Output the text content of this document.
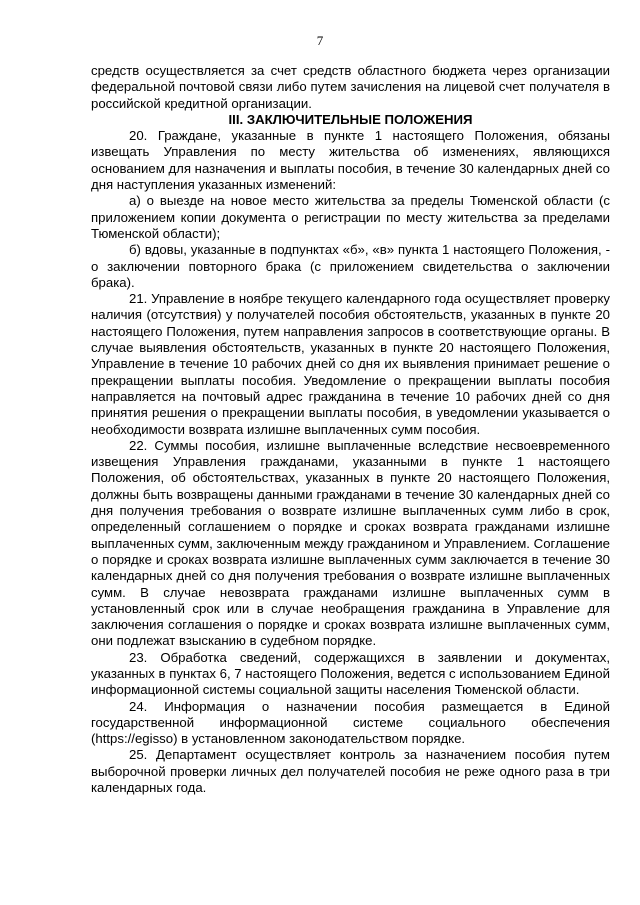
7

средств осуществляется за счет средств областного бюджета через организации федеральной почтовой связи либо путем зачисления на лицевой счет получателя в российской кредитной организации.

III. ЗАКЛЮЧИТЕЛЬНЫЕ ПОЛОЖЕНИЯ

20. Граждане, указанные в пункте 1 настоящего Положения, обязаны извещать Управления по месту жительства об изменениях, являющихся основанием для назначения и выплаты пособия, в течение 30 календарных дней со дня наступления указанных изменений:

а) о выезде на новое место жительства за пределы Тюменской области (с приложением копии документа о регистрации по месту жительства за пределами Тюменской области);

б) вдовы, указанные в подпунктах «б», «в» пункта 1 настоящего Положения, - о заключении повторного брака (с приложением свидетельства о заключении брака).

21. Управление в ноябре текущего календарного года осуществляет проверку наличия (отсутствия) у получателей пособия обстоятельств, указанных в пункте 20 настоящего Положения, путем направления запросов в соответствующие органы. В случае выявления обстоятельств, указанных в пункте 20 настоящего Положения, Управление в течение 10 рабочих дней со дня их выявления принимает решение о прекращении выплаты пособия. Уведомление о прекращении выплаты пособия направляется на почтовый адрес гражданина в течение 10 рабочих дней со дня принятия решения о прекращении выплаты пособия, в уведомлении указывается о необходимости возврата излишне выплаченных сумм пособия.

22. Суммы пособия, излишне выплаченные вследствие несвоевременного извещения Управления гражданами, указанными в пункте 1 настоящего Положения, об обстоятельствах, указанных в пункте 20 настоящего Положения, должны быть возвращены данными гражданами в течение 30 календарных дней со дня получения требования о возврате излишне выплаченных сумм либо в срок, определенный соглашением о порядке и сроках возврата гражданами излишне выплаченных сумм, заключенным между гражданином и Управлением. Соглашение о порядке и сроках возврата излишне выплаченных сумм заключается в течение 30 календарных дней со дня получения требования о возврате излишне выплаченных сумм. В случае невозврата гражданами излишне выплаченных сумм в установленный срок или в случае необращения гражданина в Управление для заключения соглашения о порядке и сроках возврата излишне выплаченных сумм, они подлежат взысканию в судебном порядке.

23. Обработка сведений, содержащихся в заявлении и документах, указанных в пунктах 6, 7 настоящего Положения, ведется с использованием Единой информационной системы социальной защиты населения Тюменской области.

24. Информация о назначении пособия размещается в Единой государственной информационной системе социального обеспечения (https://egisso) в установленном законодательством порядке.

25. Департамент осуществляет контроль за назначением пособия путем выборочной проверки личных дел получателей пособия не реже одного раза в три календарных года.
